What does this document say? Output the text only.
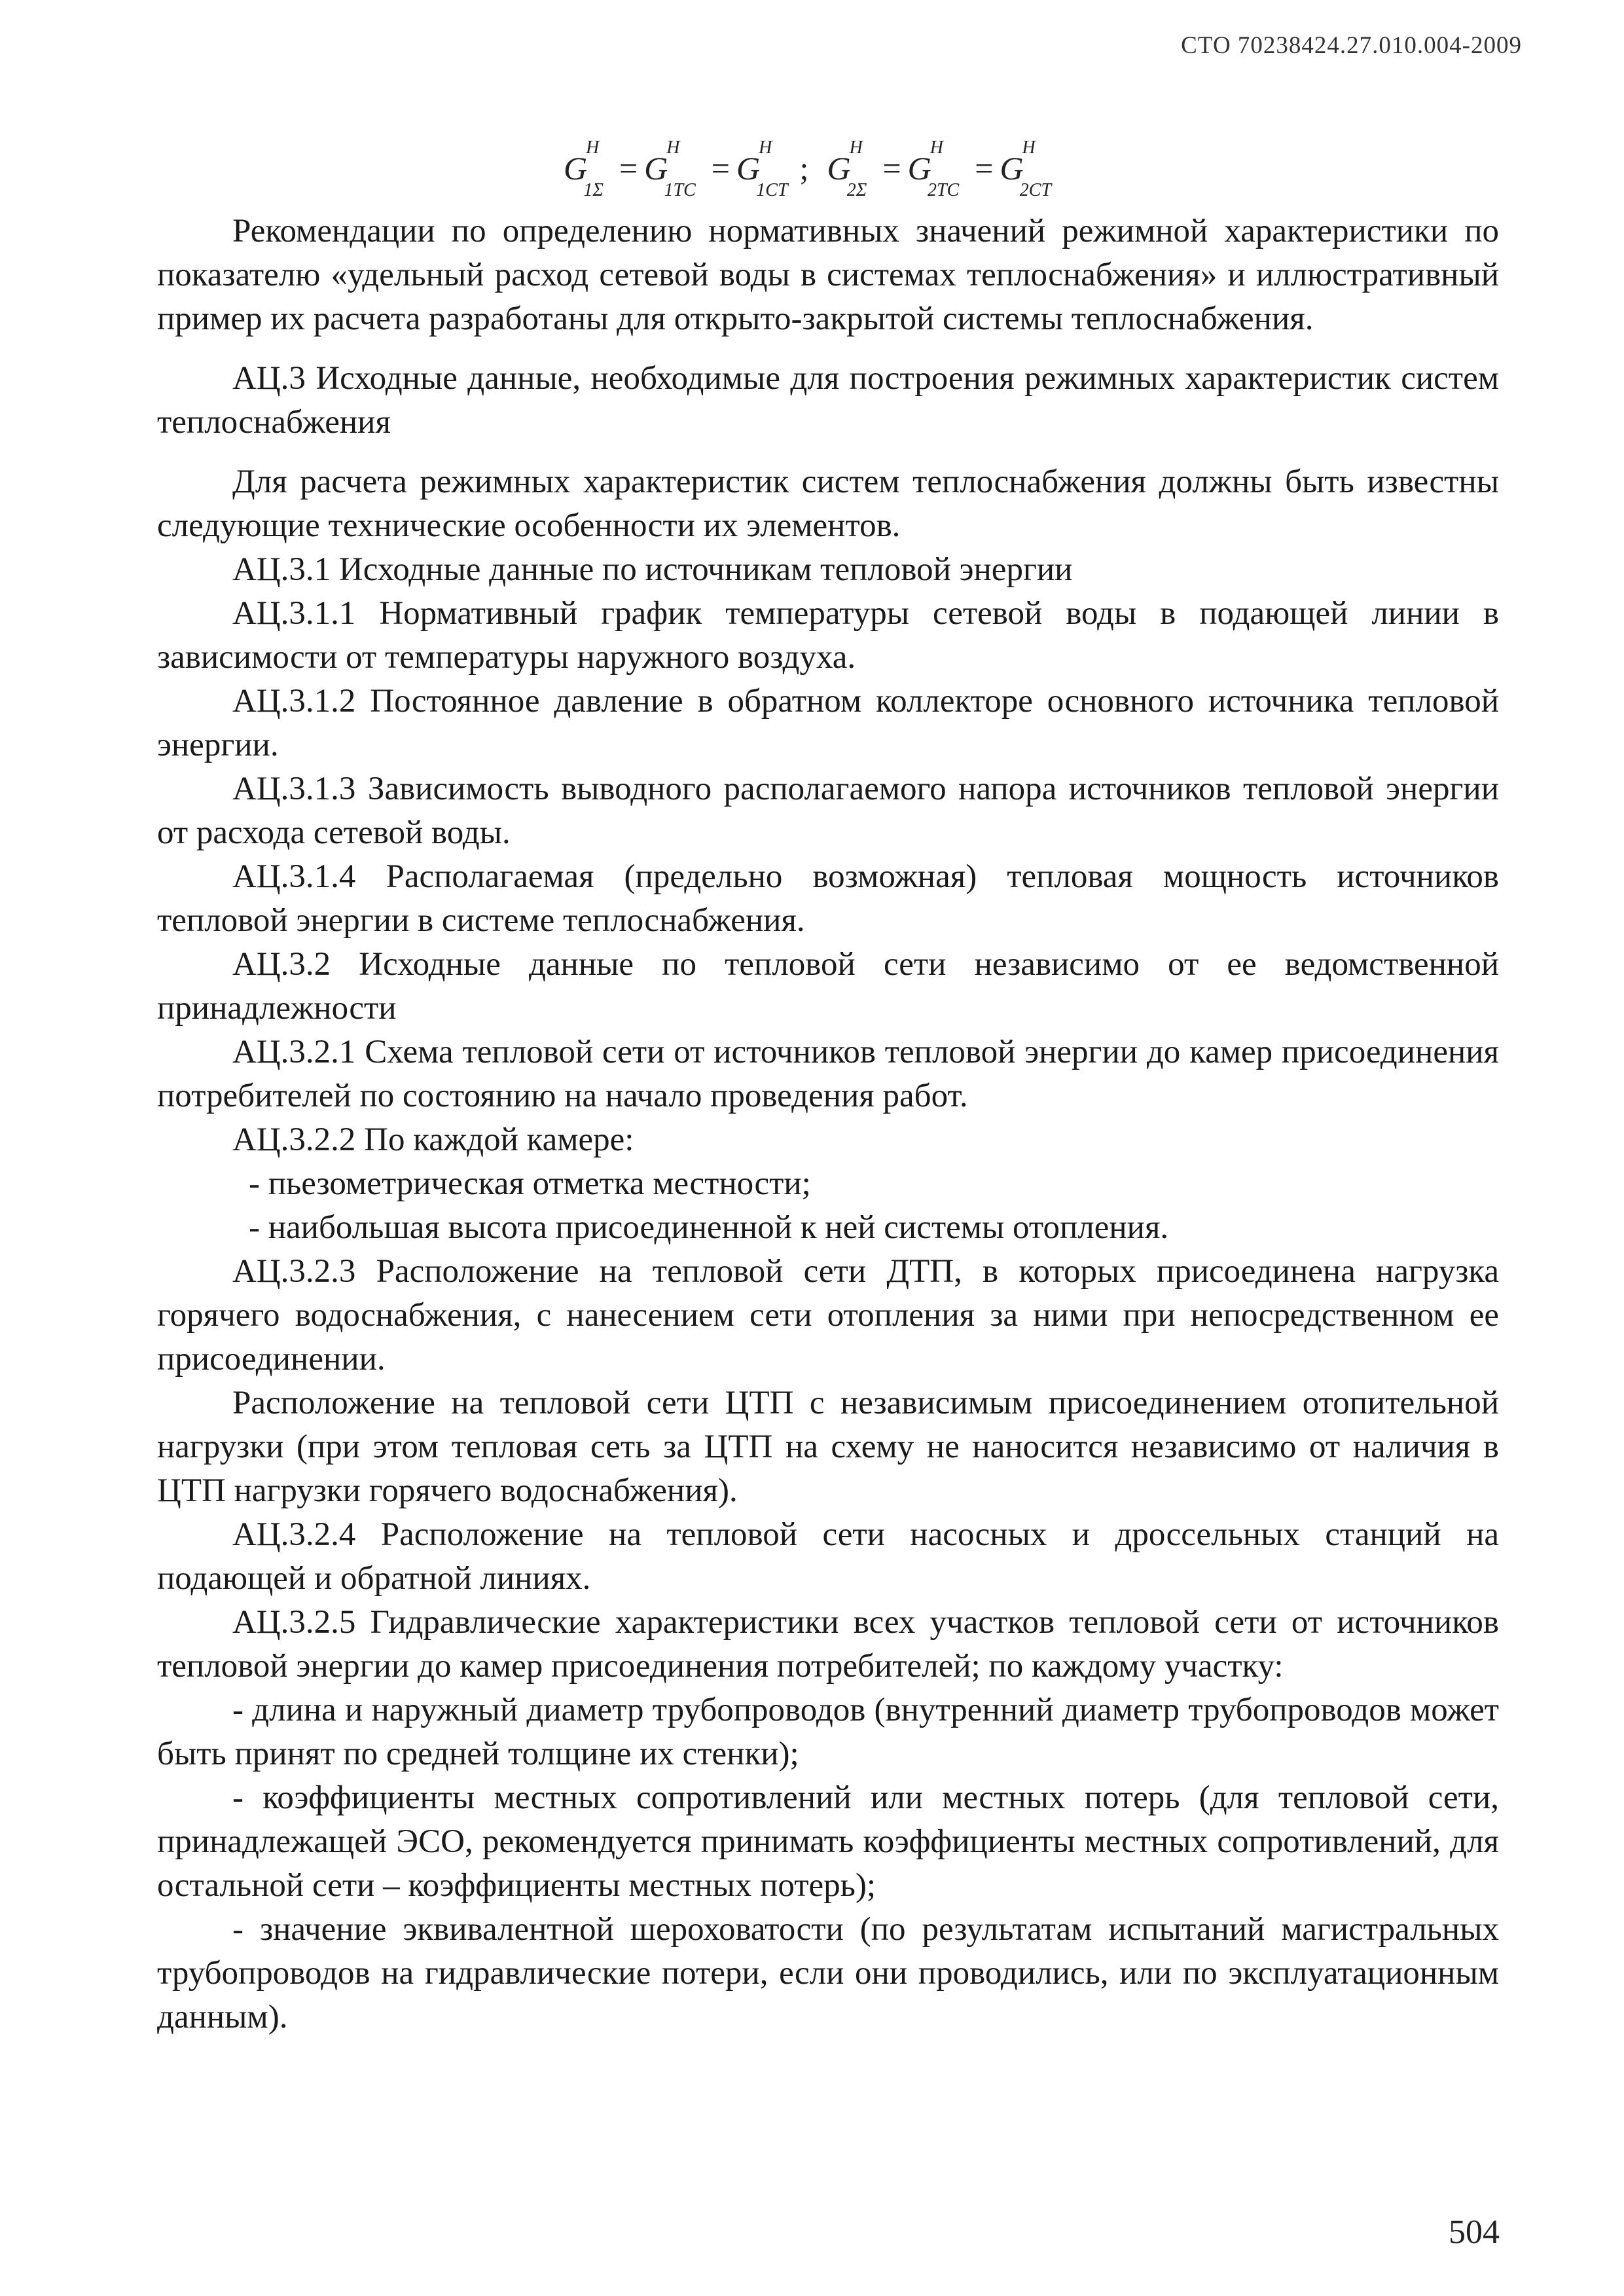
СТО 70238424.27.010.004-2009
$G^H_{1\Sigma}= G^H_{1ТС}= G^H_{1СТ}$; $G^H_{2\Sigma}= G^H_{2ТС}= G^H_{2СТ}$

Рекомендации по определению нормативных значений режимной характеристики по показателю «удельный расход сетевой воды в системах теплоснабжения» и иллюстративный пример их расчета разработаны для открыто-закрытой системы теплоснабжения.

АЦ.3 Исходные данные, необходимые для построения режимных характеристик систем теплоснабжения

Для расчета режимных характеристик систем теплоснабжения должны быть известны следующие технические особенности их элементов.

АЦ.3.1 Исходные данные по источникам тепловой энергии

АЦ.3.1.1 Нормативный график температуры сетевой воды в подающей линии в зависимости от температуры наружного воздуха.

АЦ.3.1.2 Постоянное давление в обратном коллекторе основного источника тепловой энергии.

АЦ.3.1.3 Зависимость выводного располагаемого напора источников тепловой энергии от расхода сетевой воды.

АЦ.3.1.4 Располагаемая (предельно возможная) тепловая мощность источников тепловой энергии в системе теплоснабжения.

АЦ.3.2 Исходные данные по тепловой сети независимо от ее ведомственной принадлежности

АЦ.3.2.1 Схема тепловой сети от источников тепловой энергии до камер присоединения потребителей по состоянию на начало проведения работ.

АЦ.3.2.2 По каждой камере:

- пьезометрическая отметка местности;

- наибольшая высота присоединенной к ней системы отопления.

АЦ.3.2.3 Расположение на тепловой сети ДТП, в которых присоединена нагрузка горячего водоснабжения, с нанесением сети отопления за ними при непосредственном ее присоединении.

Расположение на тепловой сети ЦТП с независимым присоединением отопительной нагрузки (при этом тепловая сеть за ЦТП на схему не наносится независимо от наличия в ЦТП нагрузки горячего водоснабжения).

АЦ.3.2.4 Расположение на тепловой сети насосных и дроссельных станций на подающей и обратной линиях.

АЦ.3.2.5 Гидравлические характеристики всех участков тепловой сети от источников тепловой энергии до камер присоединения потребителей; по каждому участку:

- длина и наружный диаметр трубопроводов (внутренний диаметр трубопроводов может быть принят по средней толщине их стенки);

- коэффициенты местных сопротивлений или местных потерь (для тепловой сети, принадлежащей ЭСО, рекомендуется принимать коэффициенты местных сопротивлений, для остальной сети – коэффициенты местных потерь);

- значение эквивалентной шероховатости (по результатам испытаний магистральных трубопроводов на гидравлические потери, если они проводились, или по эксплуатационным данным).

504
